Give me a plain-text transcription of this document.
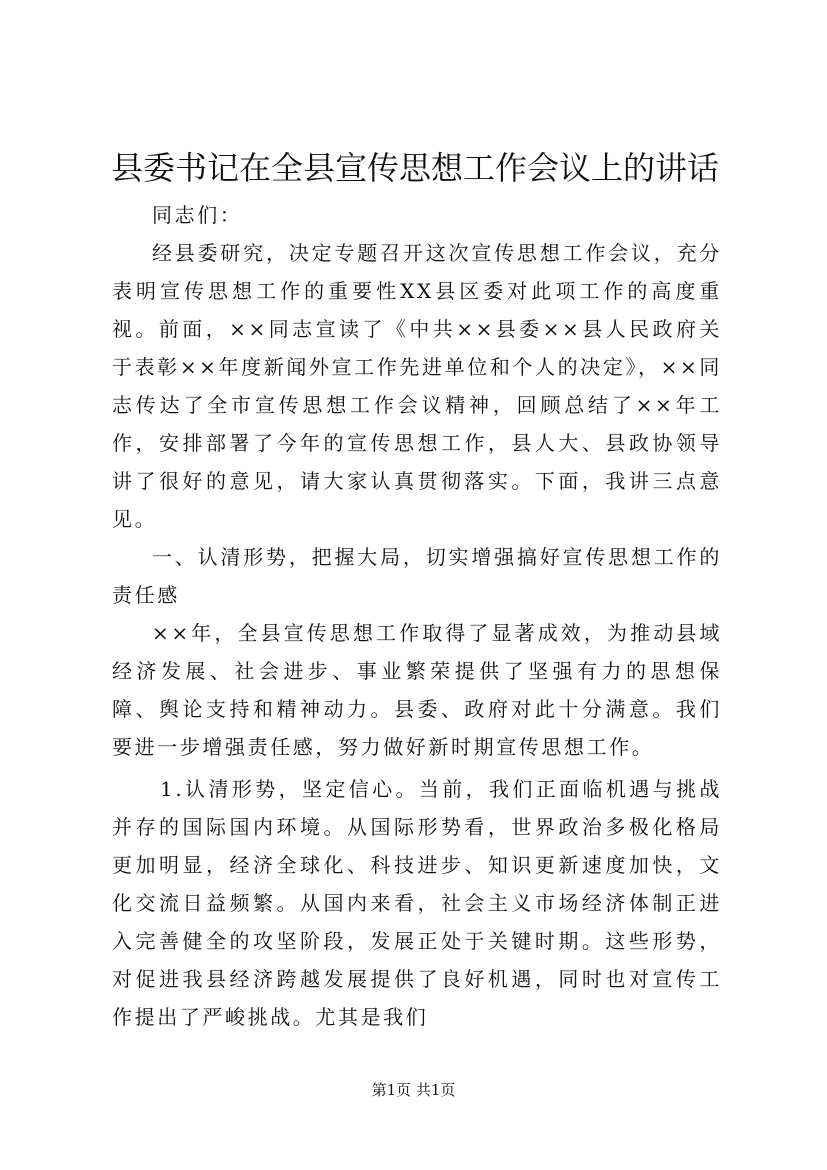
县委书记在全县宣传思想工作会议上的讲话

同志们：

经县委研究，决定专题召开这次宣传思想工作会议，充分表明宣传思想工作的重要性XX县区委对此项工作的高度重视。前面，××同志宣读了《中共××县委××县人民政府关于表彰××年度新闻外宣工作先进单位和个人的决定》，××同志传达了全市宣传思想工作会议精神，回顾总结了××年工作，安排部署了今年的宣传思想工作，县人大、县政协领导讲了很好的意见，请大家认真贯彻落实。下面，我讲三点意见。

一、认清形势，把握大局，切实增强搞好宣传思想工作的责任感

××年，全县宣传思想工作取得了显著成效，为推动县域经济发展、社会进步、事业繁荣提供了坚强有力的思想保障、舆论支持和精神动力。县委、政府对此十分满意。我们要进一步增强责任感，努力做好新时期宣传思想工作。

1.认清形势，坚定信心。当前，我们正面临机遇与挑战并存的国际国内环境。从国际形势看，世界政治多极化格局更加明显，经济全球化、科技进步、知识更新速度加快，文化交流日益频繁。从国内来看，社会主义市场经济体制正进入完善健全的攻坚阶段，发展正处于关键时期。这些形势，对促进我县经济跨越发展提供了良好机遇，同时也对宣传工作提出了严峻挑战。尤其是我们

第1页 共1页
